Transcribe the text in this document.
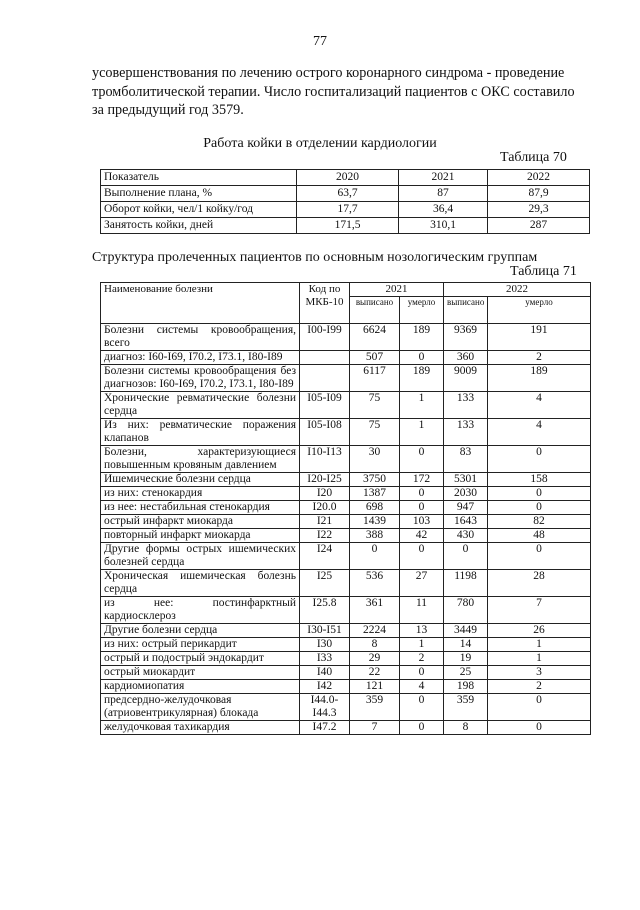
77
усовершенствования по лечению острого коронарного синдрома - проведение
тромболитической терапии. Число госпитализаций пациентов с ОКС составило
за предыдущий год 3579.
Работа койки в отделении кардиологии
Таблица 70
Показатель	2020	2021	2022
Выполнение плана, %	63,7	87	87,9
Оборот койки, чел/1 койку/год	17,7	36,4	29,3
Занятость койки, дней	171,5	310,1	287
Структура пролеченных пациентов по основным нозологическим группам
Таблица 71
Наименование болезни	Код по МКБ-10	2021		2022	
		выписано	умерло	выписано	умерло
Болезни системы кровообращения, всего	I00-I99	6624	189	9369	191
диагноз: I60-I69, I70.2, I73.1, I80-I89		507	0	360	2
Болезни системы кровообращения без диагнозов: I60-I69, I70.2, I73.1, I80-I89		6117	189	9009	189
Хронические ревматические болезни сердца	I05-I09	75	1	133	4
Из них: ревматические поражения клапанов	I05-I08	75	1	133	4
Болезни, характеризующиеся повышенным кровяным давлением	I10-I13	30	0	83	0
Ишемические болезни сердца	I20-I25	3750	172	5301	158
из них: стенокардия	I20	1387	0	2030	0
из нее: нестабильная стенокардия	I20.0	698	0	947	0
острый инфаркт миокарда	I21	1439	103	1643	82
повторный инфаркт миокарда	I22	388	42	430	48
Другие формы острых ишемических болезней сердца	I24	0	0	0	0
Хроническая ишемическая болезнь сердца	I25	536	27	1198	28
из нее: постинфарктный кардиосклероз	I25.8	361	11	780	7
Другие болезни сердца	I30-I51	2224	13	3449	26
из них: острый перикардит	I30	8	1	14	1
острый и подострый эндокардит	I33	29	2	19	1
острый миокардит	I40	22	0	25	3
кардиомиопатия	I42	121	4	198	2
предсердно-желудочковая (атриовентрикулярная) блокада	I44.0-I44.3	359	0	359	0
желудочковая тахикардия	I47.2	7	0	8	0
